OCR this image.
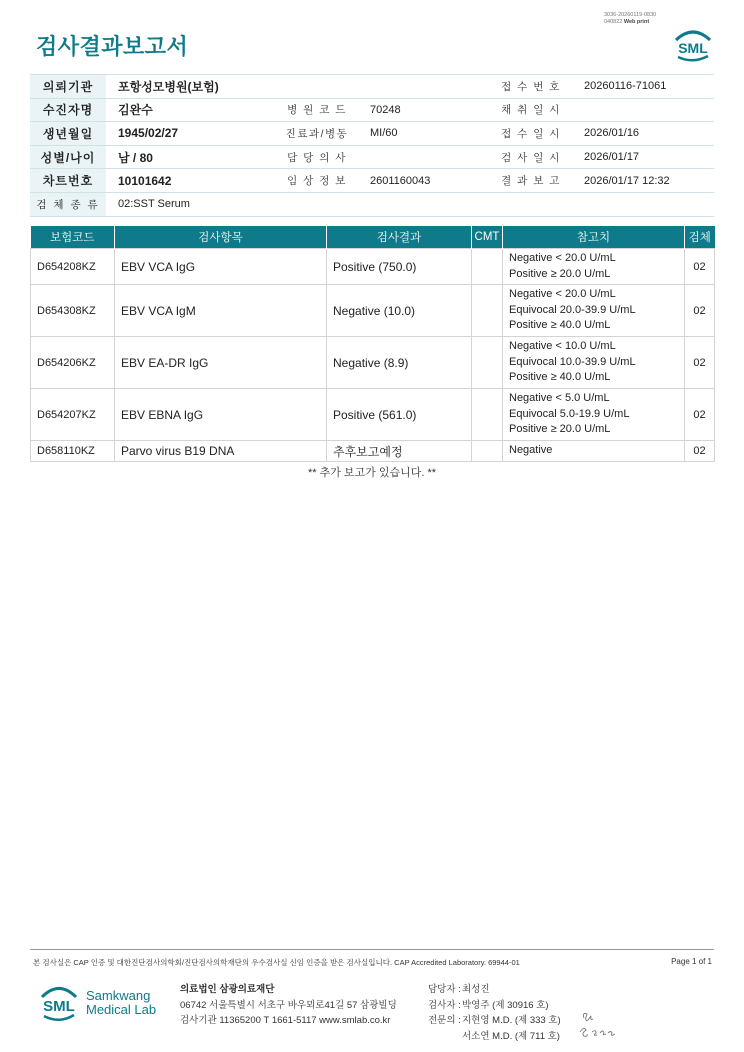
3036-20260119-0830
040822 Web print
검사결과보고서	SML
의뢰기관	포항성모병원(보험)			접 수 번 호	20260116-71061
수진자명	김완수	병 원 코 드	70248	채 취 일 시	
생년월일	1945/02/27	진료과/병동	MI/60	접 수 일 시	2026/01/16
성별/나이	남 / 80	담 당 의 사		검 사 일 시	2026/01/17
차트번호	10101642	임 상 정 보	2601160043	결 과 보 고	2026/01/17 12:32
검 체 종 류	02:SST Serum				
보험코드	검사항목	검사결과	CMT	참고치	검체
D654208KZ	EBV VCA IgG	Positive (750.0)		Negative < 20.0 U/mL
Positive ≥ 20.0 U/mL	02
D654308KZ	EBV VCA IgM	Negative (10.0)		Negative < 20.0 U/mL
Equivocal 20.0-39.9 U/mL
Positive ≥ 40.0 U/mL	02
D654206KZ	EBV EA-DR IgG	Negative (8.9)		Negative < 10.0 U/mL
Equivocal 10.0-39.9 U/mL
Positive ≥ 40.0 U/mL	02
D654207KZ	EBV EBNA IgG	Positive (561.0)		Negative < 5.0 U/mL
Equivocal 5.0-19.9 U/mL
Positive ≥ 20.0 U/mL	02
D658110KZ	Parvo virus B19 DNA	추후보고예정		Negative	02
** 추가 보고가 있습니다. **
본 검사실은 CAP 인증 및 대한진단검사의학회/진단검사의학재단의 우수검사실 신임 인증을 받은 검사실입니다. CAP Accredited Laboratory. 69944-01	Page 1 of 1
SML
Samkwang
Medical Lab
의료법인 삼광의료재단
06742 서울특별시 서초구 바우뫼로41길 57 삼광빌딩
검사기관 11365200 T 1661-5117 www.smlab.co.kr
담당자 : 최성진
검사자 : 박영주 (제 30916 호)
전문의 : 지현영 M.D. (제 333 호)
서소연 M.D. (제 711 호)
